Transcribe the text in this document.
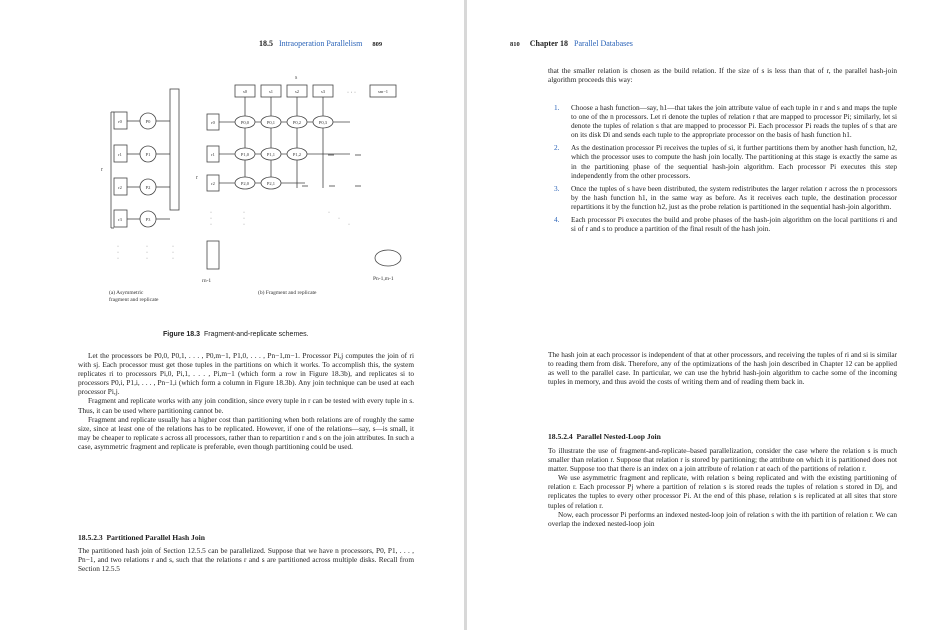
18.5 Intraoperation Parallelism 809
s
r
r
· · ·
·
·
·
·
·
·
·
·
·
·
·
·
·
·
·
·
·
·
s0	s1	s2	s3	sm−1
r0
r1
r2
r3
P0
P1
P2
P3
r0
r1
r2
P0,0	P0,1	P0,2	P0,3
P1,0	P1,1	P1,2
P2,0	P2,1
rn-1	Pn-1,m-1
(a) Asymmetric
fragment and replicate
(b) Fragment and replicate
Figure 18.3 Fragment-and-replicate schemes.

Let the processors be P0,0, P0,1, . . . , P0,m−1, P1,0, . . . , Pn−1,m−1. Processor Pi,j computes the join of ri with sj. Each processor must get those tuples in the partitions on which it works. To accomplish this, the system replicates ri to processors Pi,0, Pi,1, . . . , Pi,m−1 (which form a row in Figure 18.3b), and replicates si to processors P0,i, P1,i, . . . , Pn−1,i (which form a column in Figure 18.3b). Any join technique can be used at each processor Pi,j.

Fragment and replicate works with any join condition, since every tuple in r can be tested with every tuple in s. Thus, it can be used where partitioning cannot be.

Fragment and replicate usually has a higher cost than partitioning when both relations are of roughly the same size, since at least one of the relations has to be replicated. However, if one of the relations—say, s—is small, it may be cheaper to replicate s across all processors, rather than to repartition r and s on the join attributes. In such a case, asymmetric fragment and replicate is preferable, even though partitioning could be used.

18.5.2.3 Partitioned Parallel Hash Join

The partitioned hash join of Section 12.5.5 can be parallelized. Suppose that we have n processors, P0, P1, . . . , Pn−1, and two relations r and s, such that the relations r and s are partitioned across multiple disks. Recall from Section 12.5.5

810 Chapter 18 Parallel Databases

that the smaller relation is chosen as the build relation. If the size of s is less than that of r, the parallel hash-join algorithm proceeds this way:

1. Choose a hash function—say, h1—that takes the join attribute value of each tuple in r and s and maps the tuple to one of the n processors. Let ri denote the tuples of relation r that are mapped to processor Pi; similarly, let si denote the tuples of relation s that are mapped to processor Pi. Each processor Pi reads the tuples of s that are on its disk Di and sends each tuple to the appropriate processor on the basis of hash function h1.
2. As the destination processor Pi receives the tuples of si, it further partitions them by another hash function, h2, which the processor uses to compute the hash join locally. The partitioning at this stage is exactly the same as in the partitioning phase of the sequential hash-join algorithm. Each processor Pi executes this step independently from the other processors.
3. Once the tuples of s have been distributed, the system redistributes the larger relation r across the n processors by the hash function h1, in the same way as before. As it receives each tuple, the destination processor repartitions it by the function h2, just as the probe relation is partitioned in the sequential hash-join algorithm.
4. Each processor Pi executes the build and probe phases of the hash-join algorithm on the local partitions ri and si of r and s to produce a partition of the final result of the hash join.

The hash join at each processor is independent of that at other processors, and receiving the tuples of ri and si is similar to reading them from disk. Therefore, any of the optimizations of the hash join described in Chapter 12 can be applied as well to the parallel case. In particular, we can use the hybrid hash-join algorithm to cache some of the incoming tuples in memory, and thus avoid the costs of writing them and of reading them back in.

18.5.2.4 Parallel Nested-Loop Join

To illustrate the use of fragment-and-replicate–based parallelization, consider the case where the relation s is much smaller than relation r. Suppose that relation r is stored by partitioning; the attribute on which it is partitioned does not matter. Suppose too that there is an index on a join attribute of relation r at each of the partitions of relation r.

We use asymmetric fragment and replicate, with relation s being replicated and with the existing partitioning of relation r. Each processor Pj where a partition of relation s is stored reads the tuples of relation s stored in Dj, and replicates the tuples to every other processor Pi. At the end of this phase, relation s is replicated at all sites that store tuples of relation r.

Now, each processor Pi performs an indexed nested-loop join of relation s with the ith partition of relation r. We can overlap the indexed nested-loop join
